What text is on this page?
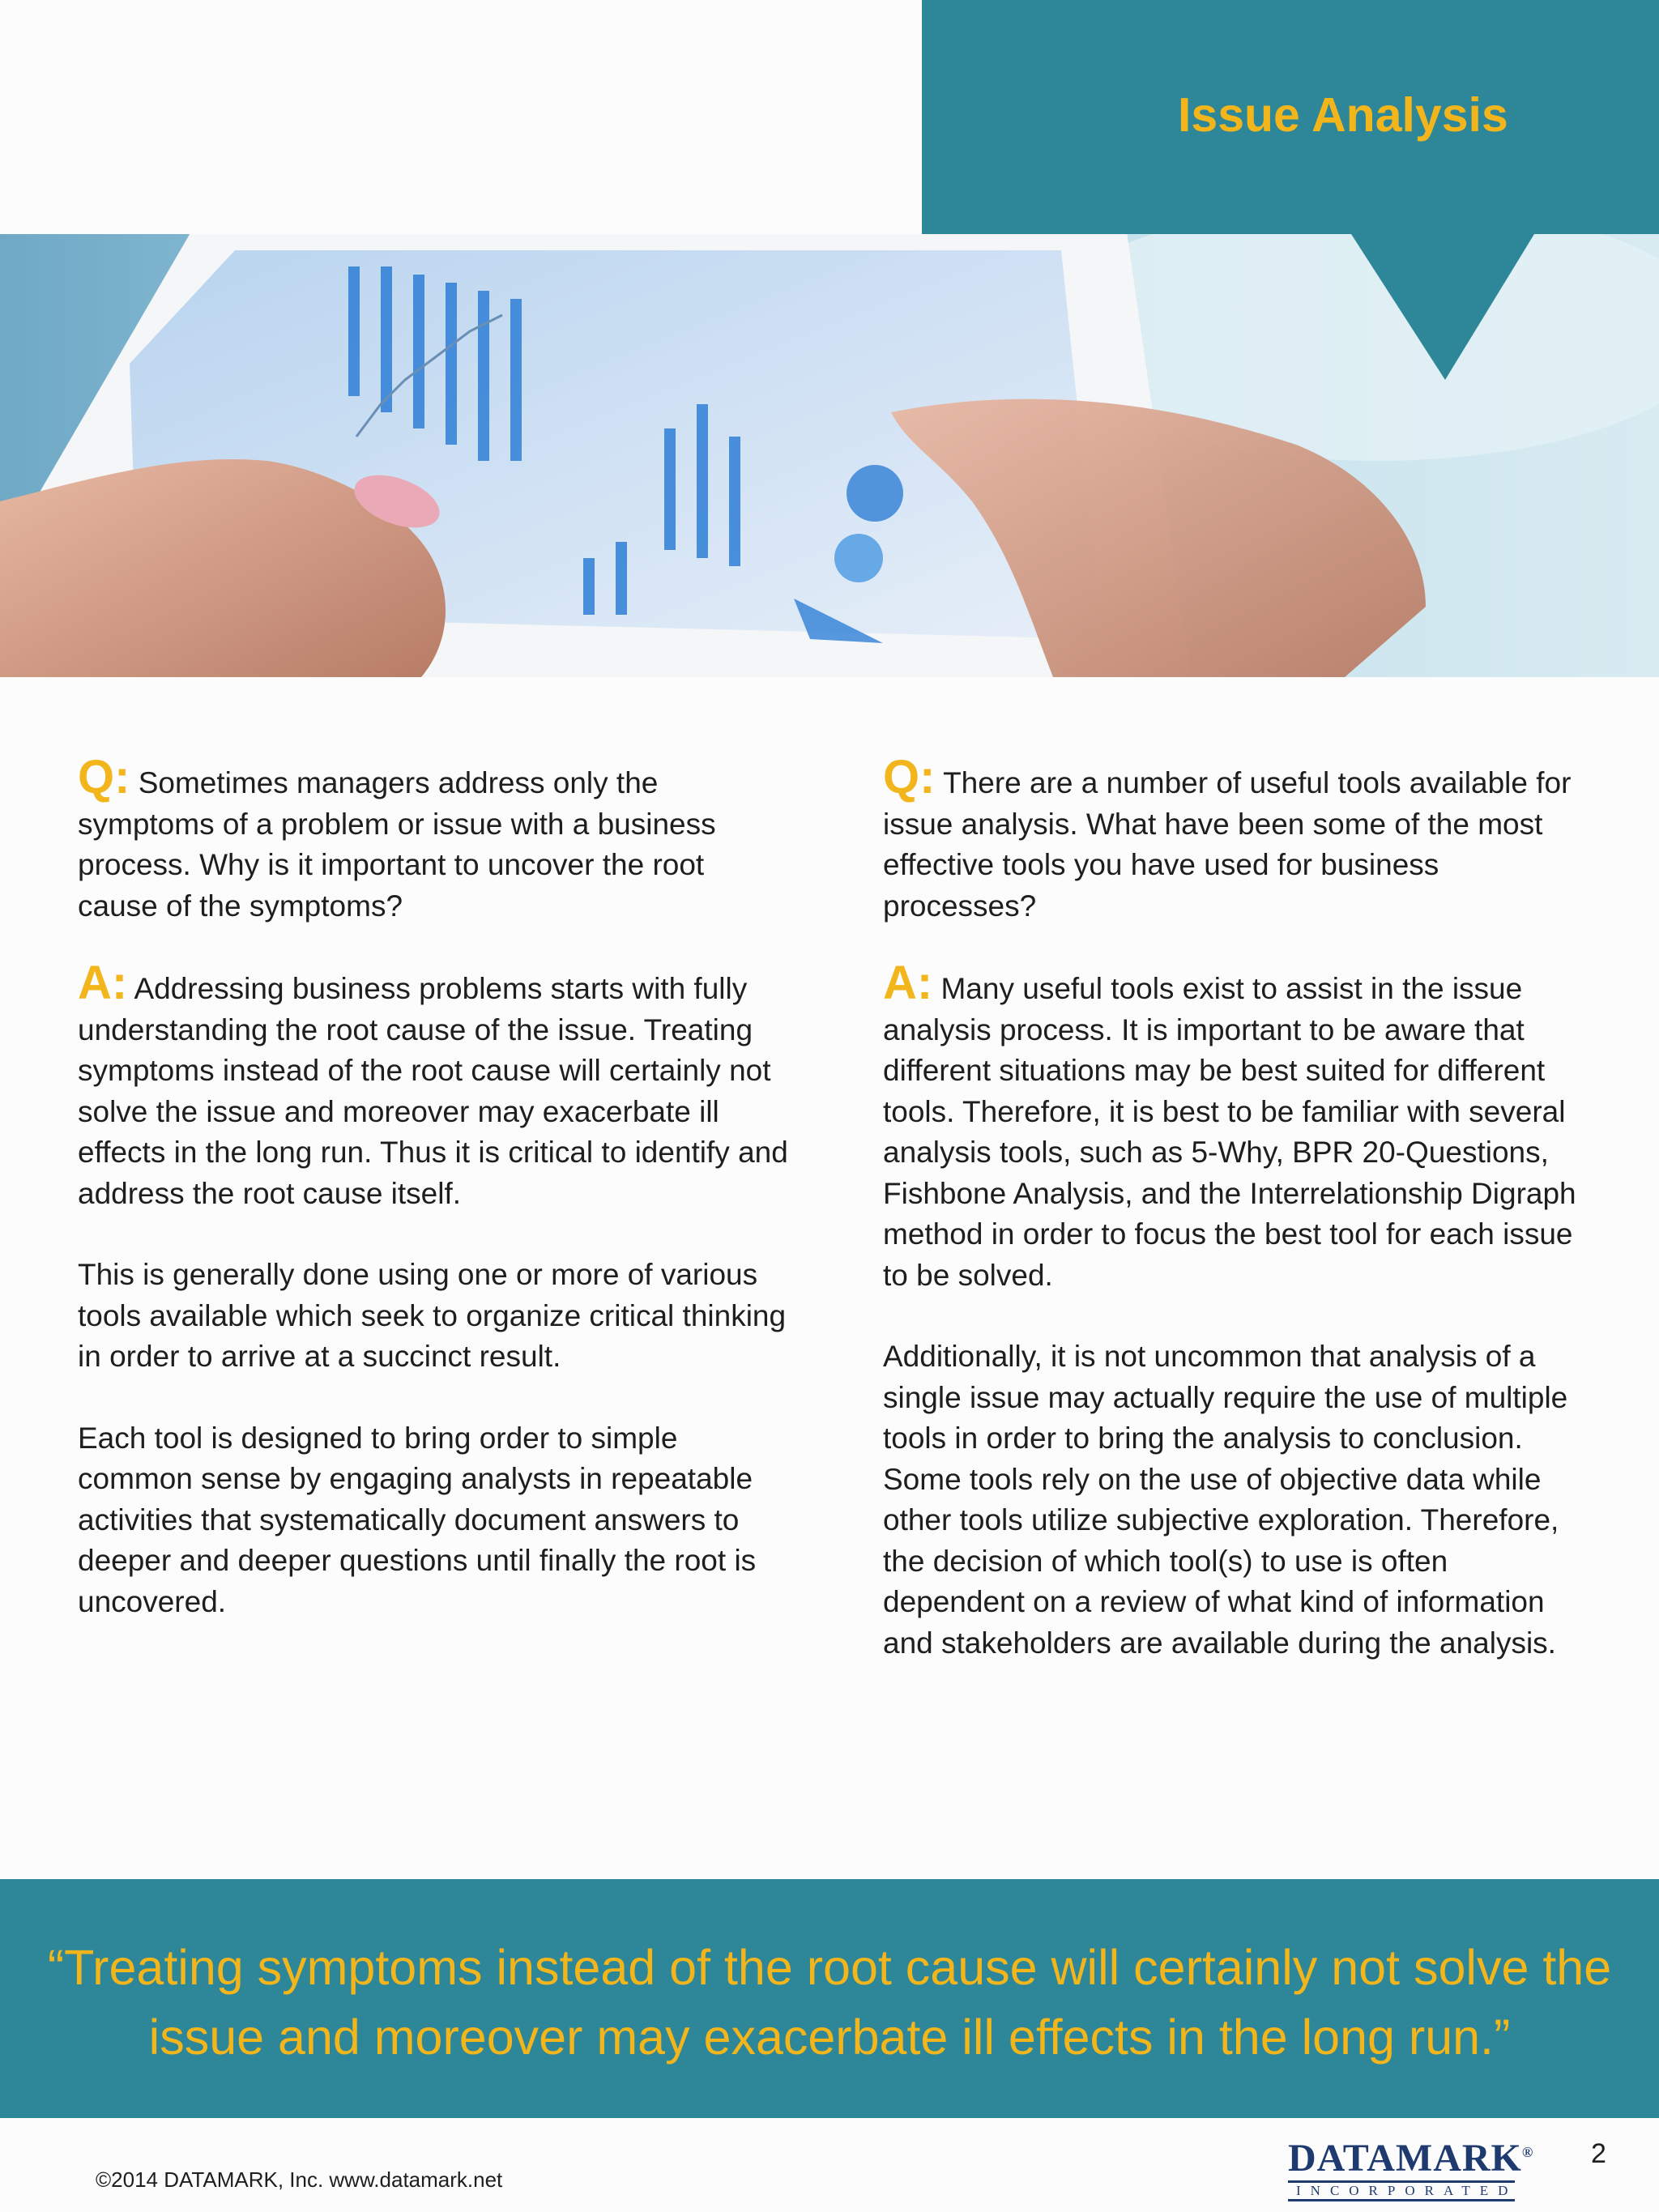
Issue Analysis
Q: Sometimes managers address only the symptoms of a problem or issue with a business process. Why is it important to uncover the root cause of the symptoms?
A: Addressing business problems starts with fully understanding the root cause of the issue. Treating symptoms instead of the root cause will certainly not solve the issue and moreover may exacerbate ill effects in the long run. Thus it is critical to identify and address the root cause itself.
This is generally done using one or more of various tools available which seek to organize critical thinking in order to arrive at a succinct result.
Each tool is designed to bring order to simple common sense by engaging analysts in repeatable activities that systematically document answers to deeper and deeper questions until finally the root is uncovered.
Q: There are a number of useful tools available for issue analysis. What have been some of the most effective tools you have used for business processes?
A: Many useful tools exist to assist in the issue analysis process. It is important to be aware that different situations may be best suited for different tools. Therefore, it is best to be familiar with several analysis tools, such as 5-Why, BPR 20-Questions, Fishbone Analysis, and the Interrelationship Digraph method in order to focus the best tool for each issue to be solved.
Additionally, it is not uncommon that analysis of a single issue may actually require the use of multiple tools in order to bring the analysis to conclusion. Some tools rely on the use of objective data while other tools utilize subjective exploration. Therefore, the decision of which tool(s) to use is often dependent on a review of what kind of information and stakeholders are available during the analysis.
“Treating symptoms instead of the root cause will certainly not solve the issue and moreover may exacerbate ill effects in the long run.”
©2014 DATAMARK, Inc. www.datamark.net	DATAMARK®
INCORPORATED
2
